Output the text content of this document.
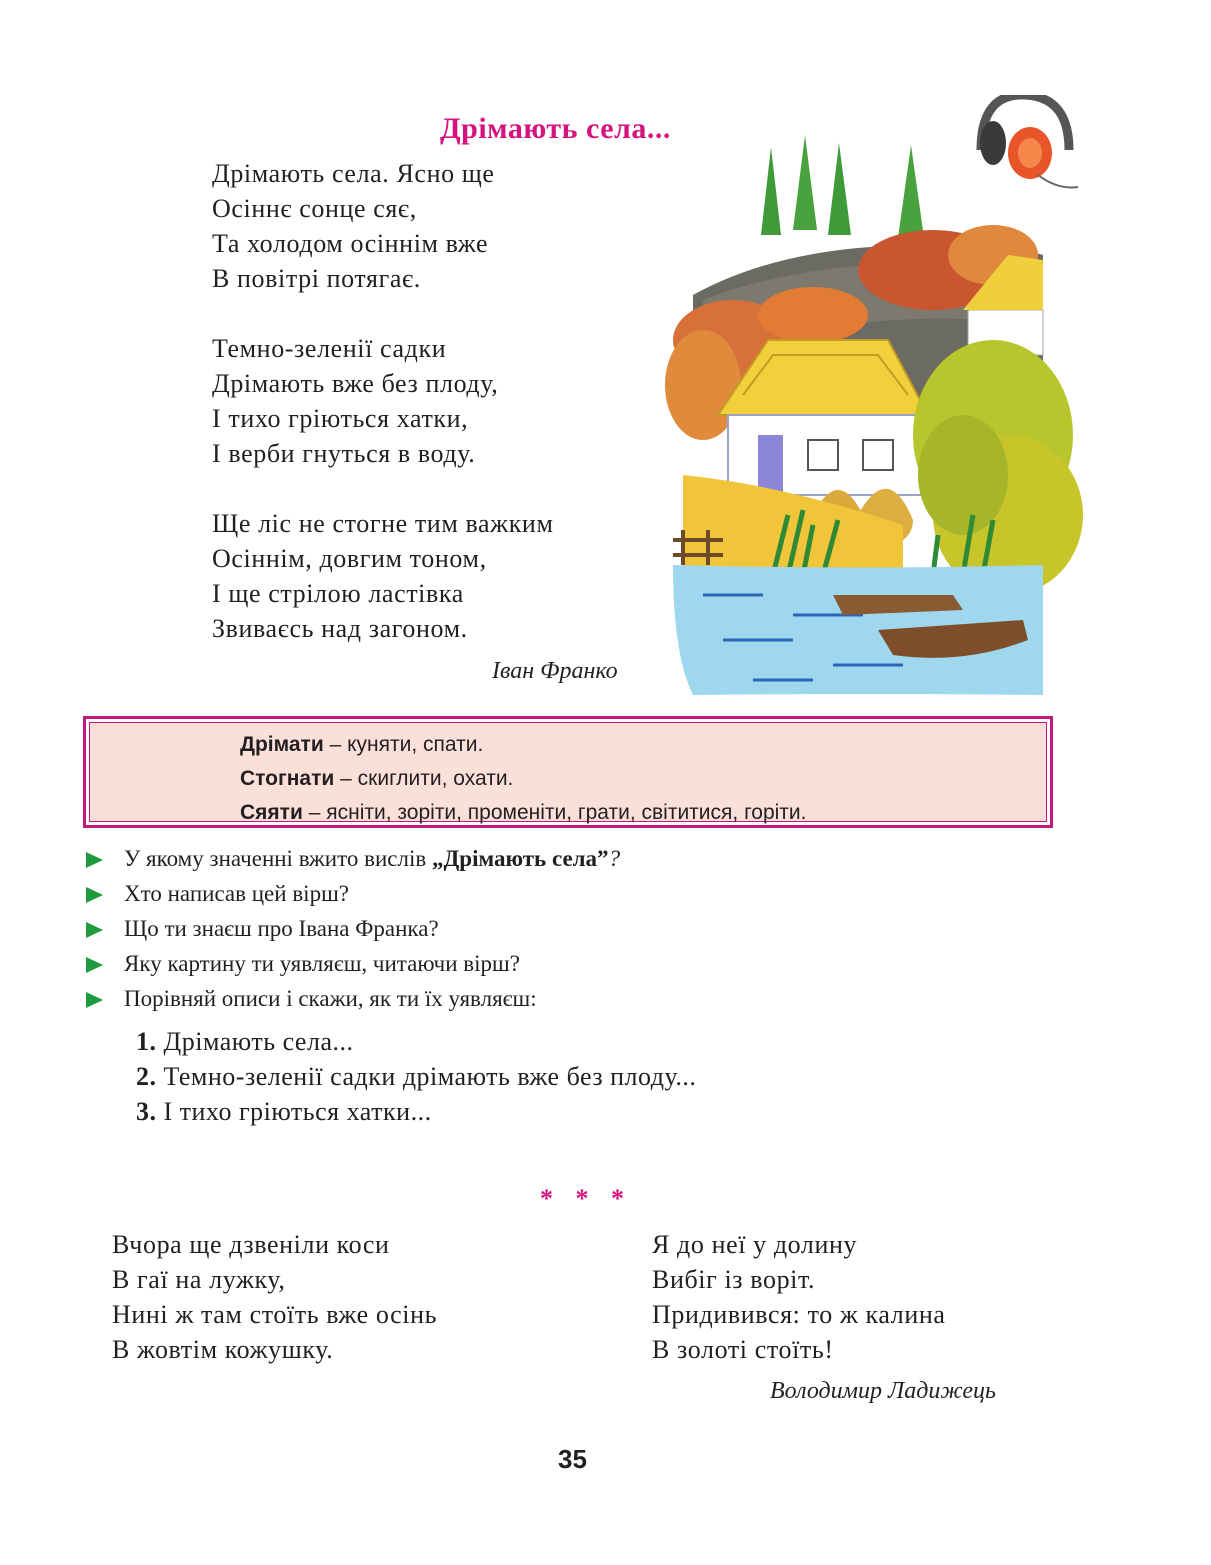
Дрімають села...
Дрімають села. Ясно ще
Осіннє сонце сяє,
Та холодом осіннім вже
В повітрі потягає.
Темно-зеленії садки
Дрімають вже без плоду,
І тихо гріються хатки,
І верби гнуться в воду.
Ще ліс не стогне тим важким
Осіннім, довгим тоном,
І ще стрілою ластівка
Звиваєсь над загоном.
Іван Франко
Дрімати – куняти, спати.
Стогнати – скиглити, охати.
Сяяти – ясніти, зоріти, променіти, грати, світитися, горіти.
У якому значенні вжито вислів „Дрімають села”?
Хто написав цей вірш?
Що ти знаєш про Івана Франка?
Яку картину ти уявляєш, читаючи вірш?
Порівняй описи і скажи, як ти їх уявляєш:
1. Дрімають села...
2. Темно-зеленії садки дрімають вже без плоду...
3. І тихо гріються хатки...
* * *
Вчора ще дзвеніли коси
В гаї на лужку,
Нині ж там стоїть вже осінь
В жовтім кожушку.
Я до неї у долину
Вибіг із воріт.
Придивився: то ж калина
В золоті стоїть!
Володимир Ладижець
35
